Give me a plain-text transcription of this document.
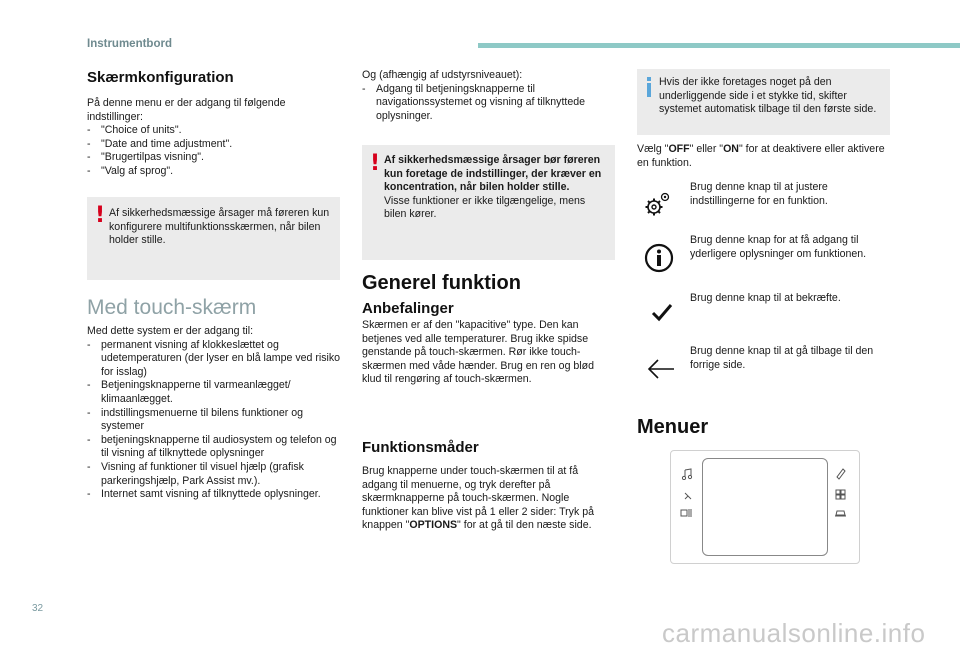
Instrumentbord
Skærmkonfiguration

På denne menu er der adgang til følgende indstillinger:

- "Choice of units".
- "Date and time adjustment".
- "Brugertilpas visning".
- "Valg af sprog".
! Af sikkerhedsmæssige årsager må føreren kun konfigurere multifunktionsskærmen, når bilen holder stille.
Med touch-skærm

Med dette system er der adgang til:

- permanent visning af klokkeslættet og udetemperaturen (der lyser en blå lampe ved risiko for isslag)
- Betjeningsknapperne til varmeanlægget/ klimaanlægget.
- indstillingsmenuerne til bilens funktioner og systemer
- betjeningsknapperne til audiosystem og telefon og til visning af tilknyttede oplysninger
- Visning af funktioner til visuel hjælp (grafisk parkeringshjælp, Park Assist mv.).
- Internet samt visning af tilknyttede oplysninger.

Og (afhængig af udstyrsniveauet):

- Adgang til betjeningsknapperne til navigationssystemet og visning af tilknyttede oplysninger.
! Af sikkerhedsmæssige årsager bør føreren kun foretage de indstillinger, der kræver en koncentration, når bilen holder stille.

Visse funktioner er ikke tilgængelige, mens bilen kører.

Generel funktion
Anbefalinger
Skærmen er af den "kapacitive" type. Den kan betjenes ved alle temperaturer. Brug ikke spidse genstande på touch-skærmen. Rør ikke touch-skærmen med våde hænder. Brug en ren og blød klud til rengøring af touch-skærmen.
Funktionsmåder
Brug knapperne under touch-skærmen til at få adgang til menuerne, og tryk derefter på skærmknapperne på touch-skærmen. Nogle funktioner kan blive vist på 1 eller 2 sider: Tryk på knappen "OPTIONS" for at gå til den næste side.
Hvis der ikke foretages noget på den underliggende side i et stykke tid, skifter systemet automatisk tilbage til den første side.
Vælg "OFF" eller "ON" for at deaktivere eller aktivere en funktion.
Brug denne knap til at justere indstillingerne for en funktion.
Brug denne knap for at få adgang til yderligere oplysninger om funktionen.
Brug denne knap til at bekræfte.
Brug denne knap til at gå tilbage til den forrige side.
Menuer
32
carmanualsonline.info
